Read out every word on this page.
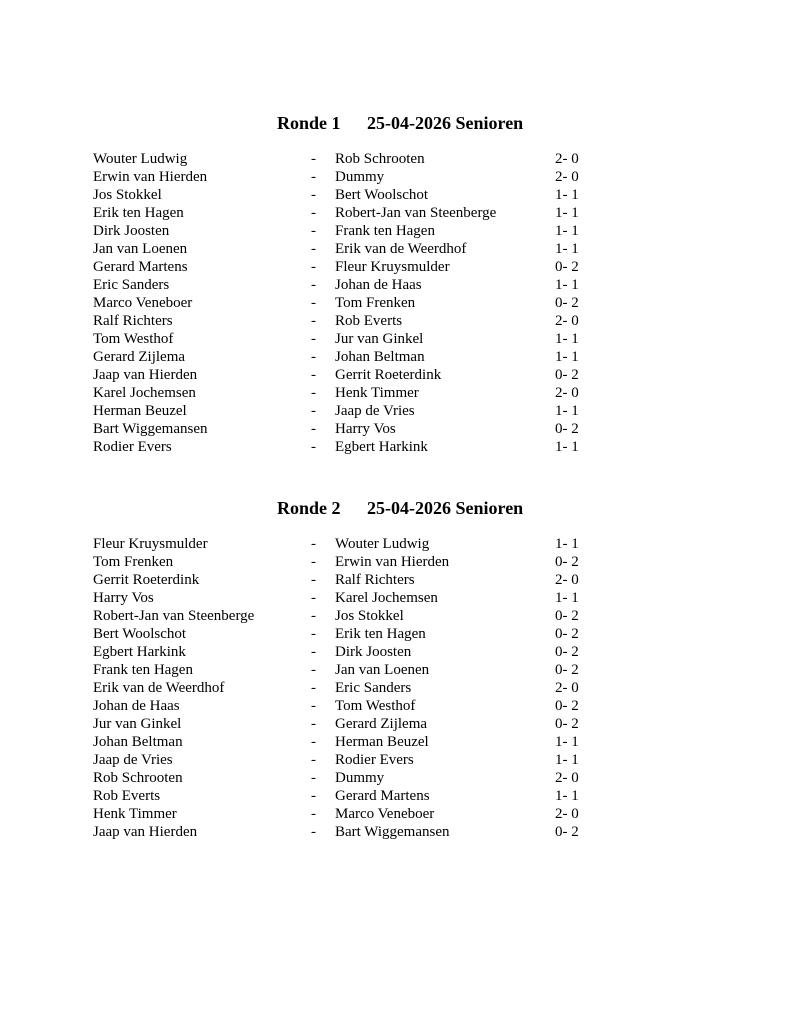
Ronde 1 25-04-2026 Senioren
Wouter Ludwig	- Rob Schrooten	2- 0
Erwin van Hierden	- Dummy	2- 0
Jos Stokkel	- Bert Woolschot	1- 1
Erik ten Hagen	- Robert-Jan van Steenberge	1- 1
Dirk Joosten	- Frank ten Hagen	1- 1
Jan van Loenen	- Erik van de Weerdhof	1- 1
Gerard Martens	- Fleur Kruysmulder	0- 2
Eric Sanders	- Johan de Haas	1- 1
Marco Veneboer	- Tom Frenken	0- 2
Ralf Richters	- Rob Everts	2- 0
Tom Westhof	- Jur van Ginkel	1- 1
Gerard Zijlema	- Johan Beltman	1- 1
Jaap van Hierden	- Gerrit Roeterdink	0- 2
Karel Jochemsen	- Henk Timmer	2- 0
Herman Beuzel	- Jaap de Vries	1- 1
Bart Wiggemansen	- Harry Vos	0- 2
Rodier Evers	- Egbert Harkink	1- 1
Ronde 2 25-04-2026 Senioren
Fleur Kruysmulder	- Wouter Ludwig	1- 1
Tom Frenken	- Erwin van Hierden	0- 2
Gerrit Roeterdink	- Ralf Richters	2- 0
Harry Vos	- Karel Jochemsen	1- 1
Robert-Jan van Steenberge	- Jos Stokkel	0- 2
Bert Woolschot	- Erik ten Hagen	0- 2
Egbert Harkink	- Dirk Joosten	0- 2
Frank ten Hagen	- Jan van Loenen	0- 2
Erik van de Weerdhof	- Eric Sanders	2- 0
Johan de Haas	- Tom Westhof	0- 2
Jur van Ginkel	- Gerard Zijlema	0- 2
Johan Beltman	- Herman Beuzel	1- 1
Jaap de Vries	- Rodier Evers	1- 1
Rob Schrooten	- Dummy	2- 0
Rob Everts	- Gerard Martens	1- 1
Henk Timmer	- Marco Veneboer	2- 0
Jaap van Hierden	- Bart Wiggemansen	0- 2
